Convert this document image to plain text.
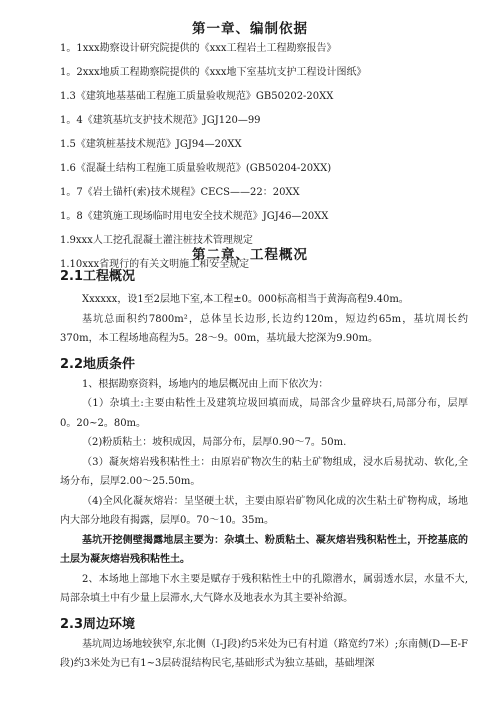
第一章、编制依据

1。1xxx勘察设计研究院提供的《xxx工程岩土工程勘察报告》

1。2xxx地质工程勘察院提供的《xxx地下室基坑支护工程设计图纸》

1.3《建筑地基基础工程施工质量验收规范》GB50202-20XX

1。4《建筑基坑支护技术规范》JGJ120—99

1.5《建筑桩基技术规范》JGJ94—20XX

1.6《混凝土结构工程施工质量验收规范》(GB50204-20XX)

1。7《岩土锚杆(索)技术规程》CECS——22：20XX

1。8《建筑施工现场临时用电安全技术规范》JGJ46—20XX

1.9xxx人工挖孔混凝土灌注桩技术管理规定

1.10xxx省现行的有关文明施工和安全规定

第二章、工程概况

2.1工程概况

Xxxxxx，设1至2层地下室,本工程±0。000标高相当于黄海高程9.40m。

基坑总面积约7800m²，总体呈长边形,长边约120m，短边约65m，基坑周长约370m，本工程场地高程为5。28～9。00m，基坑最大挖深为9.90m。

2.2地质条件

1、根据勘察资料，场地内的地层概况由上而下依次为：

（1）杂填土:主要由粘性土及建筑垃圾回填而成，局部含少量碎块石,局部分布，层厚0。20~2。80m。

（2)粉质粘土：坡积成因，局部分布，层厚0.90～7。50m.

（3）凝灰熔岩残积粘性土：由原岩矿物次生的粘土矿物组成，浸水后易扰动、软化,全场分布，层厚2.00～25.50m。

（4)全风化凝灰熔岩：呈坚硬土状，主要由原岩矿物风化成的次生粘土矿物构成，场地内大部分地段有揭露，层厚0。70～10。35m。

基坑开挖侧壁揭露地层主要为：杂填土、粉质粘土、凝灰熔岩残积粘性土，开挖基底的土层为凝灰熔岩残积粘性土。

2、本场地上部地下水主要是赋存于残积粘性土中的孔隙潜水，属弱透水层，水量不大,局部杂填土中有少量上层滞水,大气降水及地表水为其主要补给源。

2.3周边环境

基坑周边场地较狭窄,东北侧（I-J段)约5米处为已有村道（路宽约7米）;东南侧(D—E-F段)约3米处为已有1~3层砖混结构民宅,基础形式为独立基础，基础埋深
